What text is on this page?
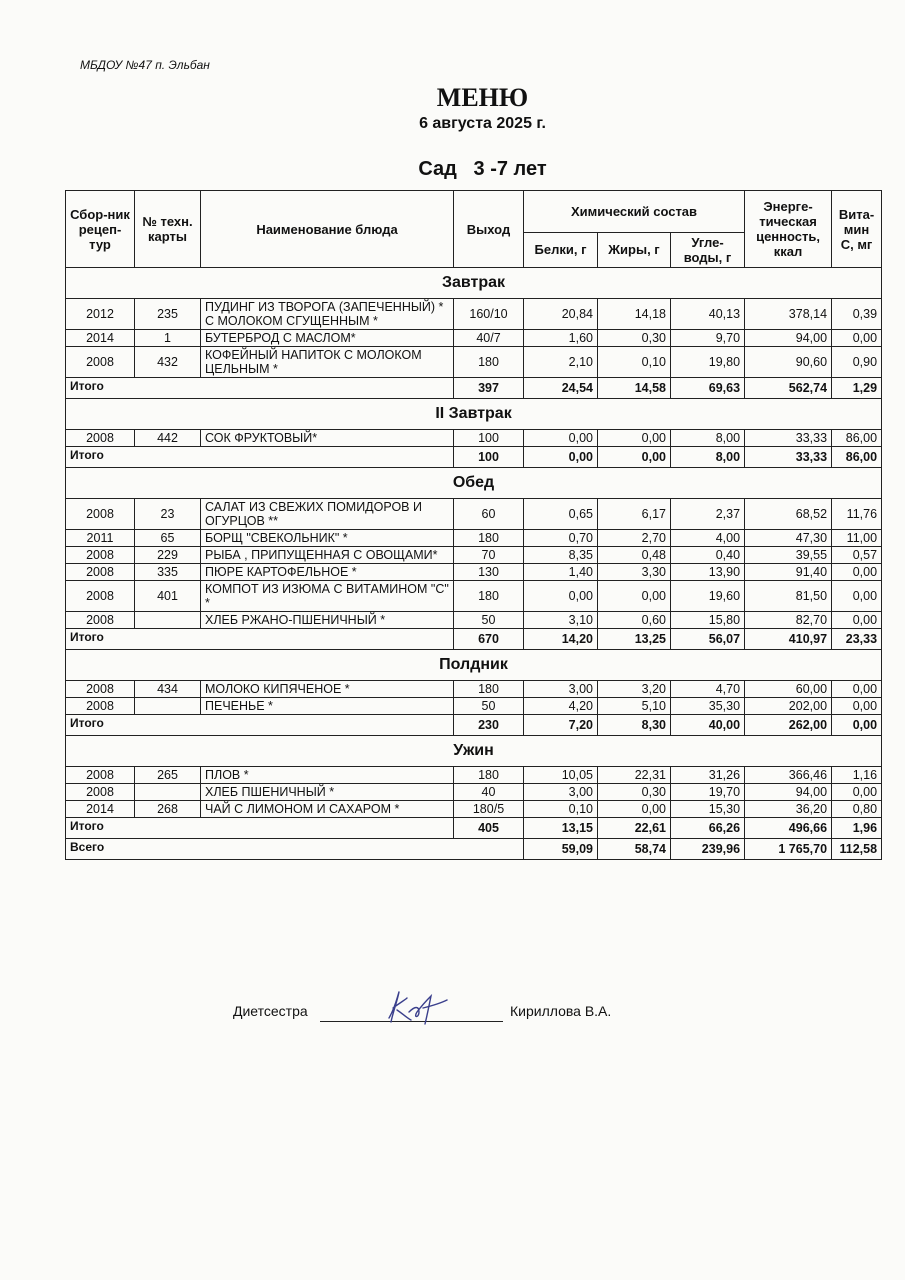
МБДОУ №47 п. Эльбан
МЕНЮ
6 августа 2025 г.
Сад   3 -7 лет
Сбор-ник рецеп-тур	№ техн. карты	Наименование блюда	Выход	Химический состав			Энерге-тическая ценность, ккал	Вита-мин С, мг
				Белки, г	Жиры, г	Угле-воды, г		
Завтрак								
2012	235	ПУДИНГ ИЗ ТВОРОГА (ЗАПЕЧЕННЫЙ) * С МОЛОКОМ СГУЩЕННЫМ *	160/10	20,84	14,18	40,13	378,14	0,39
2014	1	БУТЕРБРОД С МАСЛОМ*	40/7	1,60	0,30	9,70	94,00	0,00
2008	432	КОФЕЙНЫЙ НАПИТОК С МОЛОКОМ ЦЕЛЬНЫМ *	180	2,10	0,10	19,80	90,60	0,90
Итого			397	24,54	14,58	69,63	562,74	1,29
II Завтрак								
2008	442	СОК ФРУКТОВЫЙ*	100	0,00	0,00	8,00	33,33	86,00
Итого			100	0,00	0,00	8,00	33,33	86,00
Обед								
2008	23	САЛАТ ИЗ СВЕЖИХ ПОМИДОРОВ И ОГУРЦОВ **	60	0,65	6,17	2,37	68,52	11,76
2011	65	БОРЩ "СВЕКОЛЬНИК" *	180	0,70	2,70	4,00	47,30	11,00
2008	229	РЫБА , ПРИПУЩЕННАЯ С ОВОЩАМИ*	70	8,35	0,48	0,40	39,55	0,57
2008	335	ПЮРЕ КАРТОФЕЛЬНОЕ *	130	1,40	3,30	13,90	91,40	0,00
2008	401	КОМПОТ ИЗ ИЗЮМА С ВИТАМИНОМ "С" *	180	0,00	0,00	19,60	81,50	0,00
2008		ХЛЕБ РЖАНО-ПШЕНИЧНЫЙ *	50	3,10	0,60	15,80	82,70	0,00
Итого			670	14,20	13,25	56,07	410,97	23,33
Полдник								
2008	434	МОЛОКО КИПЯЧЕНОЕ *	180	3,00	3,20	4,70	60,00	0,00
2008		ПЕЧЕНЬЕ *	50	4,20	5,10	35,30	202,00	0,00
Итого			230	7,20	8,30	40,00	262,00	0,00
Ужин								
2008	265	ПЛОВ *	180	10,05	22,31	31,26	366,46	1,16
2008		ХЛЕБ ПШЕНИЧНЫЙ *	40	3,00	0,30	19,70	94,00	0,00
2014	268	ЧАЙ С ЛИМОНОМ И САХАРОМ *	180/5	0,10	0,00	15,30	36,20	0,80
Итого			405	13,15	22,61	66,26	496,66	1,96
Всего				59,09	58,74	239,96	1 765,70	112,58
Диетсестра	Кириллова В.А.
